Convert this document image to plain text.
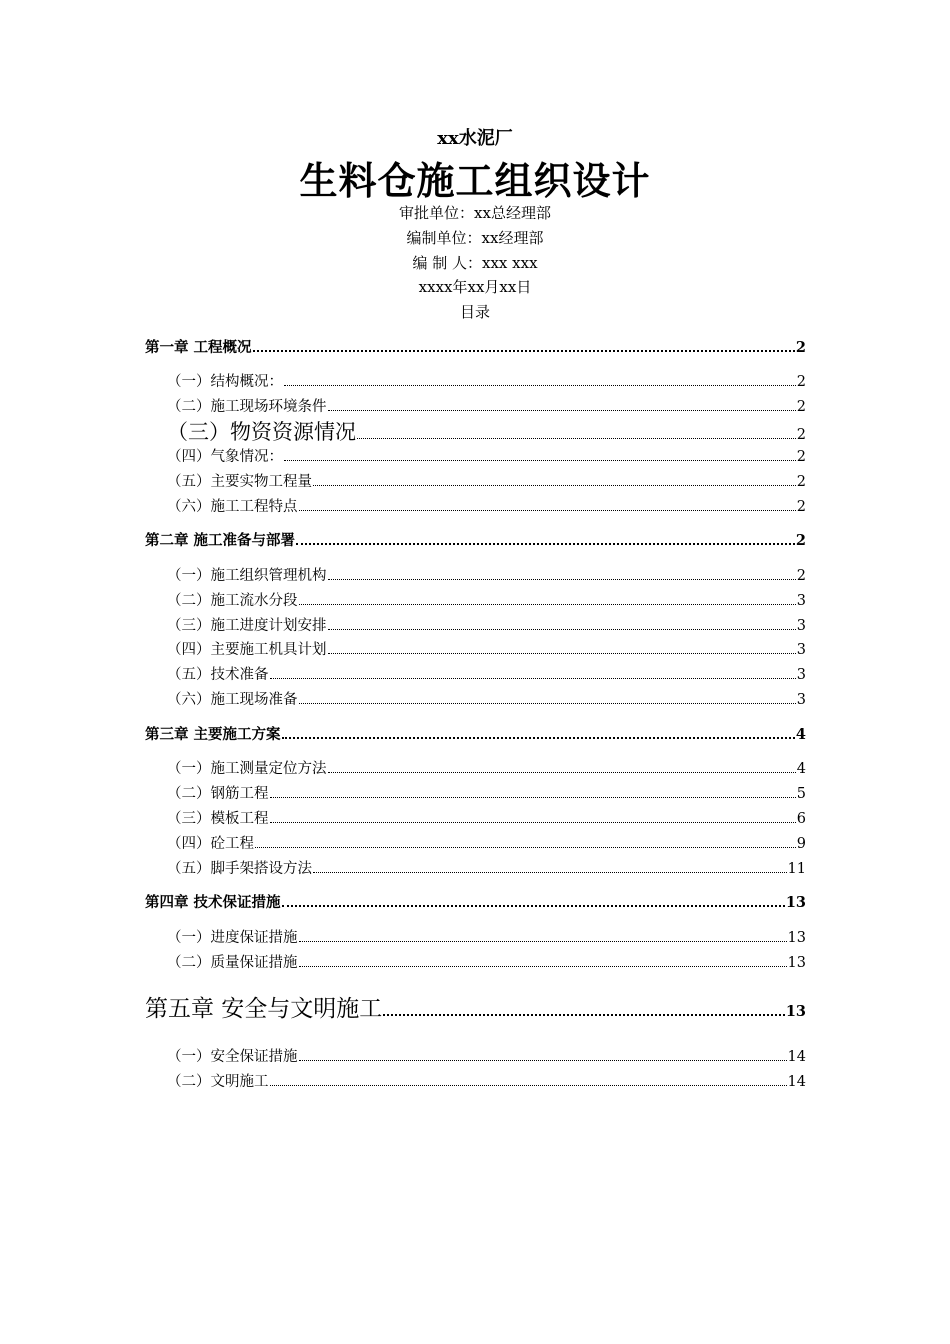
xx水泥厂
生料仓施工组织设计
审批单位：xx总经理部
编制单位：xx经理部
编 制 人：xxx xxx
xxxx年xx月xx日
目录
第一章 工程概况	2
（一）结构概况：	2
（二）施工现场环境条件	2
（三）物资资源情况	2
（四）气象情况：	2
（五）主要实物工程量	2
（六）施工工程特点	2
第二章 施工准备与部署	2
（一）施工组织管理机构	2
（二）施工流水分段	3
（三）施工进度计划安排	3
（四）主要施工机具计划	3
（五）技术准备	3
（六）施工现场准备	3
第三章 主要施工方案	4
（一）施工测量定位方法	4
（二）钢筋工程	5
（三）模板工程	6
（四）砼工程	9
（五）脚手架搭设方法	11
第四章 技术保证措施	13
（一）进度保证措施	13
（二）质量保证措施	13
第五章 安全与文明施工	13
（一）安全保证措施	14
（二）文明施工	14
